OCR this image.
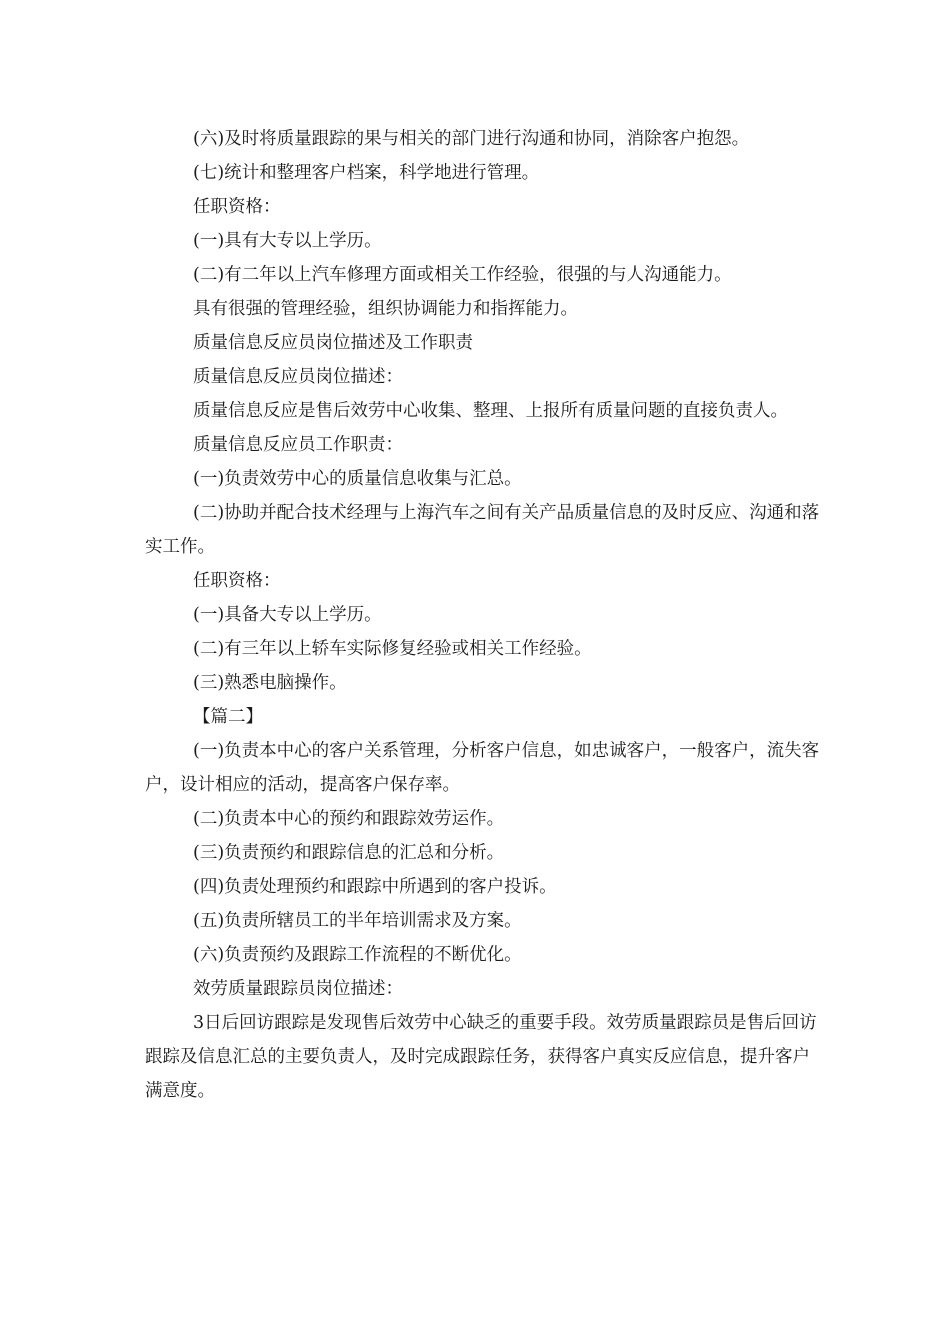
(六)及时将质量跟踪的果与相关的部门进行沟通和协同，消除客户抱怨。

(七)统计和整理客户档案，科学地进行管理。

任职资格：

(一)具有大专以上学历。

(二)有二年以上汽车修理方面或相关工作经验，很强的与人沟通能力。

具有很强的管理经验，组织协调能力和指挥能力。

质量信息反应员岗位描述及工作职责

质量信息反应员岗位描述：

质量信息反应是售后效劳中心收集、整理、上报所有质量问题的直接负责人。

质量信息反应员工作职责：

(一)负责效劳中心的质量信息收集与汇总。

(二)协助并配合技术经理与上海汽车之间有关产品质量信息的及时反应、沟通和落实工作。

任职资格：

(一)具备大专以上学历。

(二)有三年以上轿车实际修复经验或相关工作经验。

(三)熟悉电脑操作。

【篇二】

(一)负责本中心的客户关系管理，分析客户信息，如忠诚客户，一般客户，流失客户，设计相应的活动，提高客户保存率。

(二)负责本中心的预约和跟踪效劳运作。

(三)负责预约和跟踪信息的汇总和分析。

(四)负责处理预约和跟踪中所遇到的客户投诉。

(五)负责所辖员工的半年培训需求及方案。

(六)负责预约及跟踪工作流程的不断优化。

效劳质量跟踪员岗位描述：

3日后回访跟踪是发现售后效劳中心缺乏的重要手段。效劳质量跟踪员是售后回访跟踪及信息汇总的主要负责人，及时完成跟踪任务，获得客户真实反应信息，提升客户满意度。
